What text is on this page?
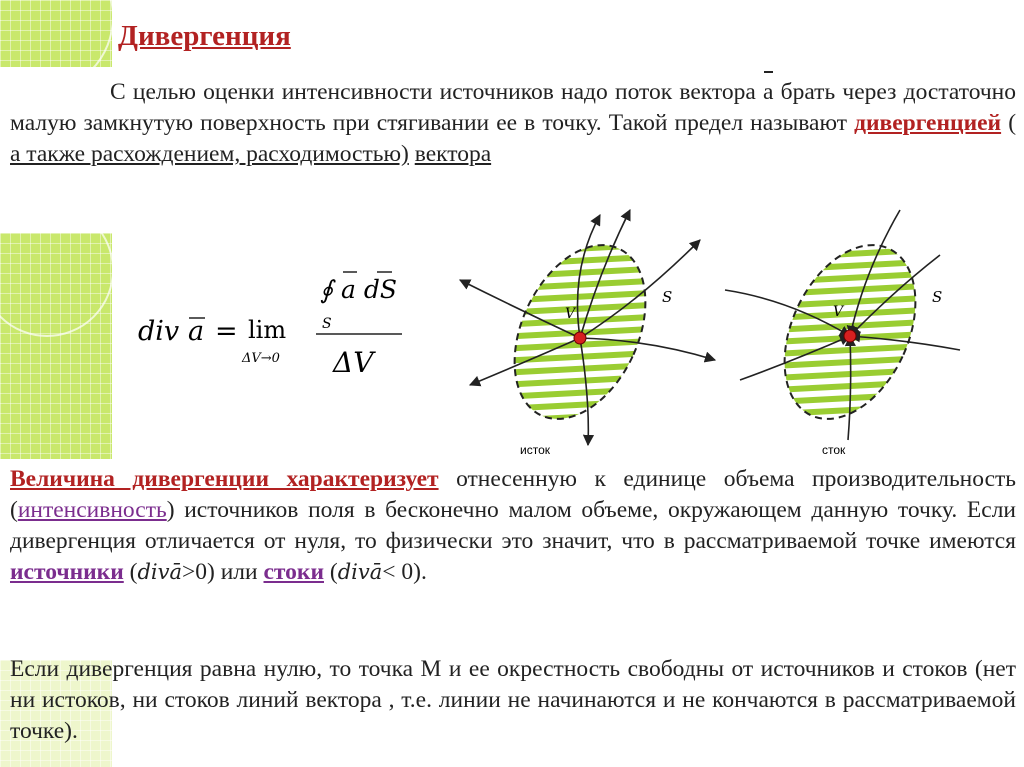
Дивергенция
С целью оценки интенсивности источников надо поток вектора a брать через достаточно малую замкнутую поверхность при стягивании ее в точку. Такой предел называют дивергенцией ( а также расхождением, расходимостью) вектора
div a = lim
ΔV→0
∮ a dS
S
ΔV
V
S
исток
V
S
сток
Величина дивергенции характеризует отнесенную к единице объема производительность (интенсивность) источников поля в бесконечно малом объеме, окружающем данную точку. Если дивергенция отличается от нуля, то физически это значит, что в рассматриваемой точке имеются источники (divā>0) или стоки (divā< 0).
Если дивергенция равна нулю, то точка М и ее окрестность свободны от источников и стоков (нет ни истоков, ни стоков линий вектора , т.е. линии не начинаются и не кончаются в рассматриваемой точке).
